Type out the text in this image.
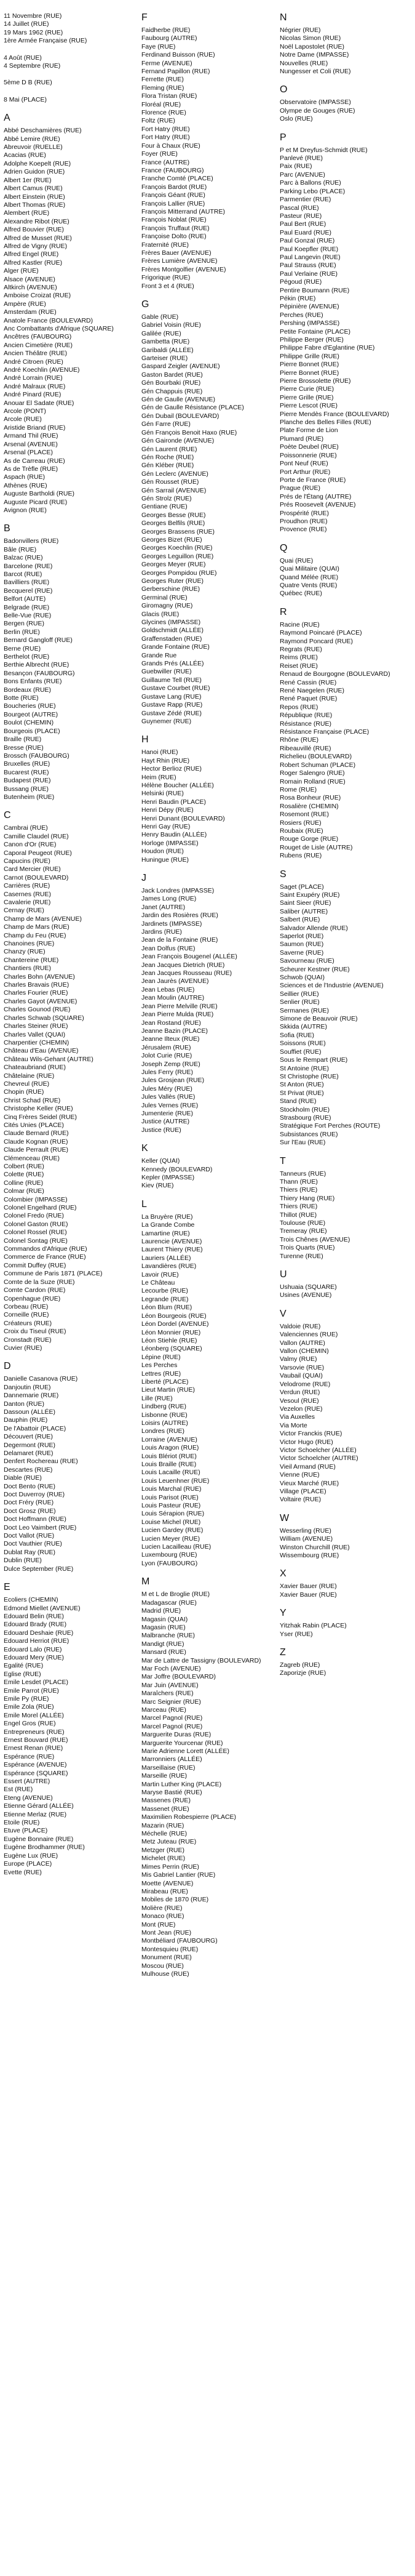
11 Novembre (RUE)
14 Juillet (RUE)
19 Mars 1962 (RUE)
1ère Armée Française (RUE)
4 Août (RUE)
4 Septembre (RUE)
5ème D B (RUE)
8 Mai (PLACE)
A
Abbé Deschamières (RUE)
Abbé Lemire (RUE)
Abreuvoir (RUELLE)
Acacias (RUE)
Adolphe Koepelt (RUE)
Adrien Guidon (RUE)
Albert 1er (RUE)
Albert Camus (RUE)
Albert Einstein (RUE)
Albert Thomas (RUE)
Alembert (RUE)
Alexandre Ribot (RUE)
Alfred Bouvier (RUE)
Alfred de Musset (RUE)
Alfred de Vigny (RUE)
Alfred Engel (RUE)
Alfred Kastler (RUE)
Alger (RUE)
Alsace (AVENUE)
Altkirch (AVENUE)
Amboise Croizat (RUE)
Ampère (RUE)
Amsterdam (RUE)
Anatole France (BOULEVARD)
Anc Combattants d'Afrique (SQUARE)
Ancêtres (FAUBOURG)
Ancien Cimetière (RUE)
Ancien Théâtre (RUE)
André Citroen (RUE)
André Koechlin (AVENUE)
André Lorrain (RUE)
André Malraux (RUE)
André Pinard (RUE)
Anouar El Sadate (RUE)
Arcole (PONT)
Arcole (RUE)
Aristide Briand (RUE)
Armand Thil (RUE)
Arsenal (AVENUE)
Arsenal (PLACE)
As de Carreau (RUE)
As de Trèfle (RUE)
Aspach (RUE)
Athènes (RUE)
Auguste Bartholdi (RUE)
Auguste Picard (RUE)
Avignon (RUE)
B
Badonvillers (RUE)
Bâle (RUE)
Balzac (RUE)
Barcelone (RUE)
Barcot (RUE)
Bavilliers (RUE)
Becquerel (RUE)
Belfort (AUTE)
Belgrade (RUE)
Belle-Vue (RUE)
Bergen (RUE)
Berlin (RUE)
Bernard Gangloff (RUE)
Berne (RUE)
Berthelot (RUE)
Berthie Albrecht (RUE)
Besançon (FAUBOURG)
Bons Enfants (RUE)
Bordeaux (RUE)
Botte (RUE)
Boucheries (RUE)
Bourgeot (AUTRE)
Boulot (CHEMIN)
Bourgeois (PLACE)
Braille (RUE)
Bresse (RUE)
Brossch (FAUBOURG)
Bruxelles (RUE)
Bucarest (RUE)
Budapest (RUE)
Bussang (RUE)
Butenheim (RUE)
C
Cambrai (RUE)
Camille Claudel (RUE)
Canon d'Or (RUE)
Caporal Peugeot (RUE)
Capucins (RUE)
Card Mercier (RUE)
Carnot (BOULEVARD)
Carrières (RUE)
Casernes (RUE)
Cavalerie (RUE)
Cernay (RUE)
Champ de Mars (AVENUE)
Champ de Mars (RUE)
Champ du Feu (RUE)
Chanoines (RUE)
Chanzy (RUE)
Chantereine (RUE)
Chantiers (RUE)
Charles Bohn (AVENUE)
Charles Bravais (RUE)
Charles Fourier (RUE)
Charles Gayot (AVENUE)
Charles Gounod (RUE)
Charles Schwab (SQUARE)
Charles Steiner (RUE)
Charles Vallet (QUAI)
Charpentier (CHEMIN)
Château d'Eau (AVENUE)
Château Wils-Gehant (AUTRE)
Chateaubriand (RUE)
Châtelaine (RUE)
Chevreul (RUE)
Chopin (RUE)
Christ Schad (RUE)
Christophe Keller (RUE)
Cinq Frères Seidel (RUE)
Cités Unies (PLACE)
Claude Bernard (RUE)
Claude Kognan (RUE)
Claude Perrault (RUE)
Clémenceau (RUE)
Colbert (RUE)
Colette (RUE)
Colline (RUE)
Colmar (RUE)
Colombier (IMPASSE)
Colonel Engelhard (RUE)
Colonel Fredo (RUE)
Colonel Gaston (RUE)
Colonel Rossel (RUE)
Colonel Sontag (RUE)
Commandos d'Afrique (RUE)
Commerce de France (RUE)
Commit Duffey (RUE)
Commune de Paris 1871 (PLACE)
Comte de la Suze (RUE)
Comte Cardon (RUE)
Copenhague (RUE)
Corbeau (RUE)
Corneille (RUE)
Créateurs (RUE)
Croix du Tiseul (RUE)
Cronstadt (RUE)
Cuvier (RUE)
D
Danielle Casanova (RUE)
Danjoutin (RUE)
Dannemarie (RUE)
Danton (RUE)
Dassoun (ALLÉE)
Dauphin (RUE)
De l'Abattoir (PLACE)
Découvert (RUE)
Degermont (RUE)
Delamaret (RUE)
Denfert Rochereau (RUE)
Descartes (RUE)
Diable (RUE)
Doct Bento (RUE)
Doct Duverroy (RUE)
Doct Fréry (RUE)
Doct Grosz (RUE)
Doct Hoffmann (RUE)
Doct Leo Vaimbert (RUE)
Doct Vallot (RUE)
Doct Vauthier (RUE)
Dublat Ray (RUE)
Dublin (RUE)
Dulce September (RUE)
E
Ecoliers (CHEMIN)
Edmond Miellet (AVENUE)
Edouard Belin (RUE)
Edouard Brady (RUE)
Edouard Deshaie (RUE)
Edouard Herriot (RUE)
Edouard Lalo (RUE)
Edouard Mery (RUE)
Egalité (RUE)
Eglise (RUE)
Emile Lesdet (PLACE)
Emile Parrot (RUE)
Emile Py (RUE)
Emile Zola (RUE)
Emile Morel (ALLÉE)
Engel Gros (RUE)
Entrepreneurs (RUE)
Ernest Bouvard (RUE)
Ernest Renan (RUE)
Espérance (RUE)
Espérance (AVENUE)
Espérance (SQUARE)
Essert (AUTRE)
Est (RUE)
Eteng (AVENUE)
Etienne Gérard (ALLÉE)
Etienne Merlaz (RUE)
Etoile (RUE)
Etuve (PLACE)
Eugène Bonnaire (RUE)
Eugène Brodhammer (RUE)
Eugène Lux (RUE)
Europe (PLACE)
Evette (RUE)
F
Faidherbe (RUE)
Faubourg (AUTRE)
Faye (RUE)
Ferdinand Buisson (RUE)
Ferme (AVENUE)
Fernand Papillon (RUE)
Ferrette (RUE)
Fleming (RUE)
Flora Tristan (RUE)
Floréal (RUE)
Florence (RUE)
Foltz (RUE)
Fort Hatry (RUE)
Fort Hatry (RUE)
Four à Chaux (RUE)
Foyer (RUE)
France (AUTRE)
France (FAUBOURG)
Franche Comté (PLACE)
François Bardot (RUE)
François Géant (RUE)
François Lallier (RUE)
François Mitterrand (AUTRE)
François Noblat (RUE)
François Truffaut (RUE)
Françoise Dolto (RUE)
Fraternité (RUE)
Frères Bauer (AVENUE)
Frères Lumière (AVENUE)
Frères Montgolfier (AVENUE)
Frigorique (RUE)
Front 3 et 4 (RUE)
G
Gable (RUE)
Gabriel Voisin (RUE)
Galilée (RUE)
Gambetta (RUE)
Garibaldi (ALLÉE)
Garteiser (RUE)
Gaspard Zeigler (AVENUE)
Gaston Bardet (RUE)
Gén Bourbaki (RUE)
Gén Chappuis (RUE)
Gén de Gaulle (AVENUE)
Gén de Gaulle Résistance (PLACE)
Gén Dubail (BOULEVARD)
Gén Farre (RUE)
Gén François Benoit Haxo (RUE)
Gén Gaironde (AVENUE)
Gén Laurent (RUE)
Gén Roche (RUE)
Gén Kléber (RUE)
Gén Leclerc (AVENUE)
Gén Rousset (RUE)
Gén Sarrail (AVENUE)
Gén Strolz (RUE)
Gentiane (RUE)
Georges Besse (RUE)
Georges Belfils (RUE)
Georges Brassens (RUE)
Georges Bizet (RUE)
Georges Koechlin (RUE)
Georges Leguillon (RUE)
Georges Meyer (RUE)
Georges Pompidou (RUE)
Georges Ruter (RUE)
Gerberschine (RUE)
Germinal (RUE)
Giromagny (RUE)
Glacis (RUE)
Glycines (IMPASSE)
Goldschmidt (ALLÉE)
Graffenstaden (RUE)
Grande Fontaine (RUE)
Grande Rue
Grands Prés (ALLÉE)
Guebwiller (RUE)
Guillaume Tell (RUE)
Gustave Courbet (RUE)
Gustave Lang (RUE)
Gustave Rapp (RUE)
Gustave Zédé (RUE)
Guynemer (RUE)
H
Hanoi (RUE)
Hayt Rhin (RUE)
Hector Berlioz (RUE)
Heim (RUE)
Hélène Boucher (ALLÉE)
Helsinki (RUE)
Henri Baudin (PLACE)
Henri Dépy (RUE)
Henri Dunant (BOULEVARD)
Henri Gay (RUE)
Henry Baudin (ALLÉE)
Horloge (IMPASSE)
Houdon (RUE)
Huningue (RUE)
J
Jack Londres (IMPASSE)
James Long (RUE)
Janet (AUTRE)
Jardin des Rosières (RUE)
Jardinets (IMPASSE)
Jardins (RUE)
Jean de la Fontaine (RUE)
Jean Dolfus (RUE)
Jean François Bougenel (ALLÉE)
Jean Jacques Dietrich (RUE)
Jean Jacques Rousseau (RUE)
Jean Jaurès (AVENUE)
Jean Lebas (RUE)
Jean Moulin (AUTRE)
Jean Pierre Melville (RUE)
Jean Pierre Mulda (RUE)
Jean Rostand (RUE)
Jeanne Bazin (PLACE)
Jeanne Ilteux (RUE)
Jérusalem (RUE)
Jolot Curie (RUE)
Joseph Zemp (RUE)
Jules Ferry (RUE)
Jules Grosjean (RUE)
Jules Méry (RUE)
Jules Vallès (RUE)
Jules Vernes (RUE)
Jumenterie (RUE)
Justice (AUTRE)
Justice (RUE)
K
Keller (QUAI)
Kennedy (BOULEVARD)
Kepler (IMPASSE)
Kiev (RUE)
L
La Bruyère (RUE)
La Grande Combe
Lamartine (RUE)
Laurencie (AVENUE)
Laurent Thiery (RUE)
Lauriers (ALLÉE)
Lavandières (RUE)
Lavoir (RUE)
Le Château
Lecourbe (RUE)
Legrande (RUE)
Léon Blum (RUE)
Léon Bourgeois (RUE)
Léon Dordel (AVENUE)
Léon Monnier (RUE)
Léon Stiehle (RUE)
Léonberg (SQUARE)
Lépine (RUE)
Les Perches
Lettres (RUE)
Liberté (PLACE)
Lieut Martin (RUE)
Lille (RUE)
Lindberg (RUE)
Lisbonne (RUE)
Loisirs (AUTRE)
Londres (RUE)
Lorraine (AVENUE)
Louis Aragon (RUE)
Louis Blériot (RUE)
Louis Braille (RUE)
Louis Lacaille (RUE)
Louis Leuenhner (RUE)
Louis Marchal (RUE)
Louis Parisot (RUE)
Louis Pasteur (RUE)
Louis Sérapion (RUE)
Louise Michel (RUE)
Lucien Gardey (RUE)
Lucien Meyer (RUE)
Lucien Lacailleau (RUE)
Luxembourg (RUE)
Lyon (FAUBOURG)
M
M et L de Broglie (RUE)
Madagascar (RUE)
Madrid (RUE)
Magasin (QUAI)
Magasin (RUE)
Malbranche (RUE)
Mandigt (RUE)
Mansard (RUE)
Mar de Lattre de Tassigny (BOULEVARD)
Mar Foch (AVENUE)
Mar Joffre (BOULEVARD)
Mar Juin (AVENUE)
Maraîchers (RUE)
Marc Seignier (RUE)
Marceau (RUE)
Marcel Pagnol (RUE)
Marcel Pagnol (RUE)
Marguerite Duras (RUE)
Marguerite Yourcenar (RUE)
Marie Adrienne Lorett (ALLÉE)
Marronniers (ALLÉE)
Marseillaise (RUE)
Marseille (RUE)
Martin Luther King (PLACE)
Maryse Bastié (RUE)
Massenes (RUE)
Massenet (RUE)
Maximilien Robespierre (PLACE)
Mazarin (RUE)
Méchelle (RUE)
Metz Juteau (RUE)
Metzger (RUE)
Michelet (RUE)
Mimes Perrin (RUE)
Mis Gabriel Lantier (RUE)
Moette (AVENUE)
Mirabeau (RUE)
Mobiles de 1870 (RUE)
Molière (RUE)
Monaco (RUE)
Mont (RUE)
Mont Jean (RUE)
Montbéliard (FAUBOURG)
Montesquieu (RUE)
Monument (RUE)
Moscou (RUE)
Mulhouse (RUE)
N
Négrier (RUE)
Nicolas Simon (RUE)
Noël Lapostolet (RUE)
Notre Dame (IMPASSE)
Nouvelles (RUE)
Nungesser et Coli (RUE)
O
Observatoire (IMPASSE)
Olympe de Gouges (RUE)
Oslo (RUE)
P
P et M Dreyfus-Schmidt (RUE)
Panlevé (RUE)
Paix (RUE)
Parc (AVENUE)
Parc à Ballons (RUE)
Parking Lebo (PLACE)
Parmentier (RUE)
Pascal (RUE)
Pasteur (RUE)
Paul Bert (RUE)
Paul Euard (RUE)
Paul Gonzal (RUE)
Paul Koepfler (RUE)
Paul Langevin (RUE)
Paul Strauss (RUE)
Paul Verlaine (RUE)
Pégoud (RUE)
Pentire Boumann (RUE)
Pékin (RUE)
Pépinière (AVENUE)
Perches (RUE)
Pershing (IMPASSE)
Petite Fontaine (PLACE)
Philippe Berger (RUE)
Philippe Fabre d'Eglantine (RUE)
Philippe Grille (RUE)
Pierre Bonnet (RUE)
Pierre Bonnet (RUE)
Pierre Brossolette (RUE)
Pierre Curie (RUE)
Pierre Grille (RUE)
Pierre Lescot (RUE)
Pierre Mendès France (BOULEVARD)
Planche des Belles Filles (RUE)
Plate Forme de Lion
Plumard (RUE)
Poète Deubel (RUE)
Poissonnerie (RUE)
Pont Neuf (RUE)
Port Arthur (RUE)
Porte de France (RUE)
Prague (RUE)
Prés de l'Étang (AUTRE)
Prés Roosevelt (AVENUE)
Prospérité (RUE)
Proudhon (RUE)
Provence (RUE)
Q
Quai (RUE)
Quai Militaire (QUAI)
Quand Mélée (RUE)
Quatre Vents (RUE)
Québec (RUE)
R
Racine (RUE)
Raymond Poincaré (PLACE)
Raymond Poncard (RUE)
Regrats (RUE)
Reims (RUE)
Reiset (RUE)
Renaud de Bourgogne (BOULEVARD)
René Cassin (RUE)
René Naegelen (RUE)
René Paquet (RUE)
Repos (RUE)
République (RUE)
Résistance (RUE)
Résistance Française (PLACE)
Rhône (RUE)
Ribeauvillé (RUE)
Richelieu (BOULEVARD)
Robert Schuman (PLACE)
Roger Salengro (RUE)
Romain Rolland (RUE)
Rome (RUE)
Rosa Bonheur (RUE)
Rosalière (CHEMIN)
Rosemont (RUE)
Rosiers (RUE)
Roubaix (RUE)
Rouge Gorge (RUE)
Rouget de Lisle (AUTRE)
Rubens (RUE)
S
Saget (PLACE)
Saint Exupéry (RUE)
Saint Sieer (RUE)
Saliber (AUTRE)
Salbert (RUE)
Salvador Allende (RUE)
Saperlot (RUE)
Saumon (RUE)
Saverne (RUE)
Savourneau (RUE)
Scheurer Kestner (RUE)
Schwob (QUAI)
Sciences et de l'Industrie (AVENUE)
Seillier (RUE)
Senlier (RUE)
Sermanes (RUE)
Simone de Beauvoir (RUE)
Skkida (AUTRE)
Sofia (RUE)
Soissons (RUE)
Souffiet (RUE)
Sous le Rempart (RUE)
St Antoine (RUE)
St Christophe (RUE)
St Anton (RUE)
St Privat (RUE)
Stand (RUE)
Stockholm (RUE)
Strasbourg (RUE)
Stratégique Fort Perches (ROUTE)
Subsistances (RUE)
Sur l'Eau (RUE)
T
Tanneurs (RUE)
Thann (RUE)
Thiers (RUE)
Thiery Hang (RUE)
Thiers (RUE)
Thillot (RUE)
Toulouse (RUE)
Tremeray (RUE)
Trois Chênes (AVENUE)
Trois Quarts (RUE)
Turenne (RUE)
U
Ushuaia (SQUARE)
Usines (AVENUE)
V
Valdoie (RUE)
Valenciennes (RUE)
Vallon (AUTRE)
Vallon (CHEMIN)
Valmy (RUE)
Varsovie (RUE)
Vaubail (QUAI)
Velodrome (RUE)
Verdun (RUE)
Vesoul (RUE)
Vezelon (RUE)
Via Auxelles
Via Morte
Victor Franckis (RUE)
Victor Hugo (RUE)
Victor Schoelcher (ALLÉE)
Victor Schoelcher (AUTRE)
Vieil Armand (RUE)
Vienne (RUE)
Vieux Marché (RUE)
Village (PLACE)
Voltaire (RUE)
W
Wesserling (RUE)
William (AVENUE)
Winston Churchill (RUE)
Wissembourg (RUE)
X
Xavier Bauer (RUE)
Xavier Bauer (RUE)
Y
Yitzhak Rabin (PLACE)
Yser (RUE)
Z
Zagreb (RUE)
Zaporizje (RUE)
